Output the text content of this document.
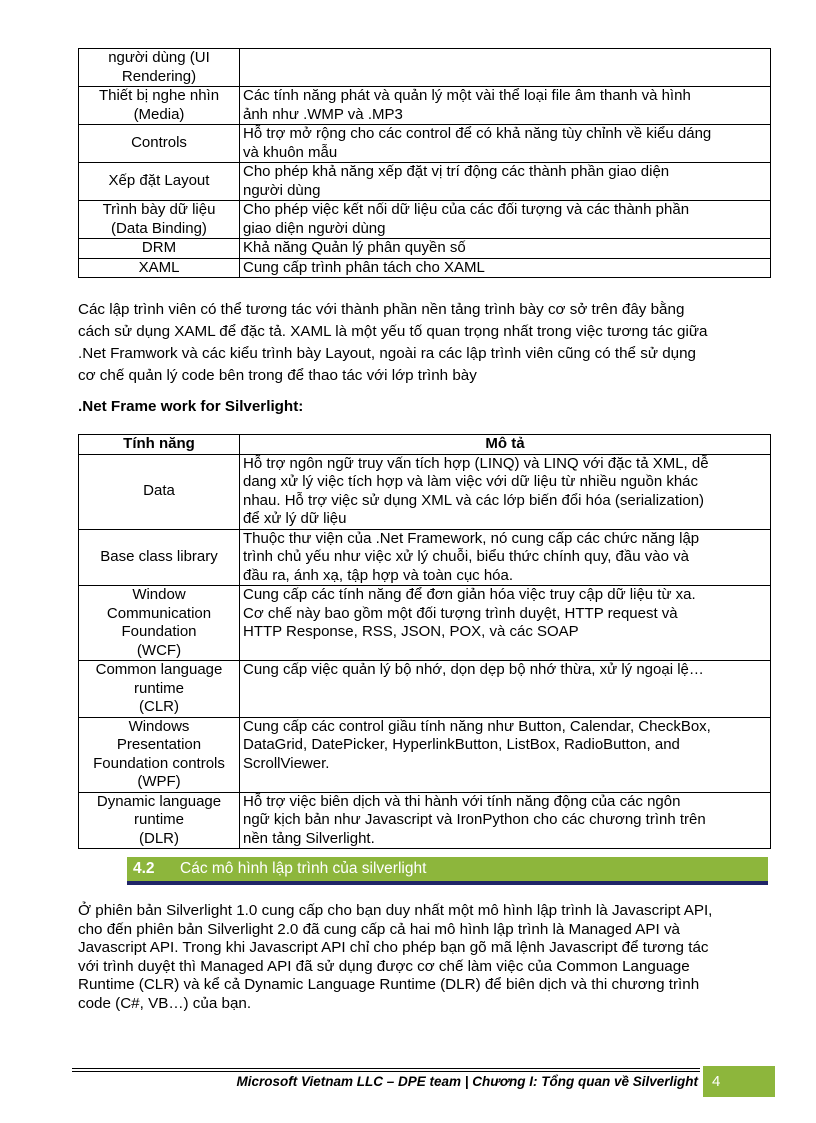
người dùng (UI
Rendering)	

Thiết bị nghe nhìn
(Media)	Các tính năng phát và quản lý một vài thể loại file âm thanh và hình
ảnh như .WMP và .MP3

Controls	Hỗ trợ mở rộng cho các control để có khả năng tùy chỉnh về kiểu dáng
và khuôn mẫu

Xếp đặt Layout	Cho phép khả năng xếp đặt vị trí động các thành phần giao diện
người dùng

Trình bày dữ liệu
(Data Binding)	Cho phép việc kết nối dữ liệu của các đối tượng và các thành phần
giao diện người dùng

DRM	Khả năng Quản lý phân quyền số

XAML	Cung cấp trình phân tách cho XAML
Các lập trình viên có thể tương tác với thành phần nền tảng trình bày cơ sở trên đây bằng
cách sử dụng XAML để đặc tả. XAML là một yếu tố quan trọng nhất trong việc tương tác giữa
.Net Framwork và các kiểu trình bày Layout, ngoài ra các lập trình viên cũng có thể sử dụng
cơ chế quản lý code bên trong để thao tác với lớp trình bày
.Net Frame work for Silverlight:
Tính năng	Mô tả

Data	Hỗ trợ ngôn ngữ truy vấn tích hợp (LINQ) và LINQ với đặc tả XML, dễ
dang xử lý việc tích hợp và làm việc với dữ liệu từ nhiều nguồn khác
nhau. Hỗ trợ việc sử dụng XML và các lớp biến đổi hóa (serialization)
để xử lý dữ liệu

Base class library	Thuộc thư viện của .Net Framework, nó cung cấp các chức năng lập
trình chủ yếu như việc xử lý chuỗi, biểu thức chính quy, đầu vào và
đầu ra, ánh xạ, tập hợp và toàn cục hóa.

Window
Communication
Foundation
(WCF)	Cung cấp các tính năng để đơn giản hóa việc truy cập dữ liệu từ xa.
Cơ chế này bao gồm một đối tượng trình duyệt, HTTP request và
HTTP Response, RSS, JSON, POX, và các SOAP

Common language
runtime
(CLR)	Cung cấp việc quản lý bộ nhớ, dọn dẹp bộ nhớ thừa, xử lý ngoại lệ…

Windows
Presentation
Foundation controls
(WPF)	Cung cấp các control giầu tính năng như Button, Calendar, CheckBox,
DataGrid, DatePicker, HyperlinkButton, ListBox, RadioButton, and
ScrollViewer.

Dynamic language
runtime
(DLR)	Hỗ trợ việc biên dịch và thi hành với tính năng động của các ngôn
ngữ kịch bản như Javascript và IronPython cho các chương trình trên
nền tảng Silverlight.
4.2 Các mô hình lập trình của silverlight
Ở phiên bản Silverlight 1.0 cung cấp cho bạn duy nhất một mô hình lập trình là Javascript API,
cho đến phiên bản Silverlight 2.0 đã cung cấp cả hai mô hình lập trình là Managed API và
Javascript API. Trong khi Javascript API chỉ cho phép bạn gõ mã lệnh Javascript để tương tác
với trình duyệt thì Managed API đã sử dụng được cơ chế làm việc của Common Language
Runtime (CLR) và kể cả Dynamic Language Runtime (DLR) để biên dịch và thi chương trình
code (C#, VB…) của bạn.
Microsoft Vietnam LLC – DPE team | Chương I: Tổng quan về Silverlight 4
